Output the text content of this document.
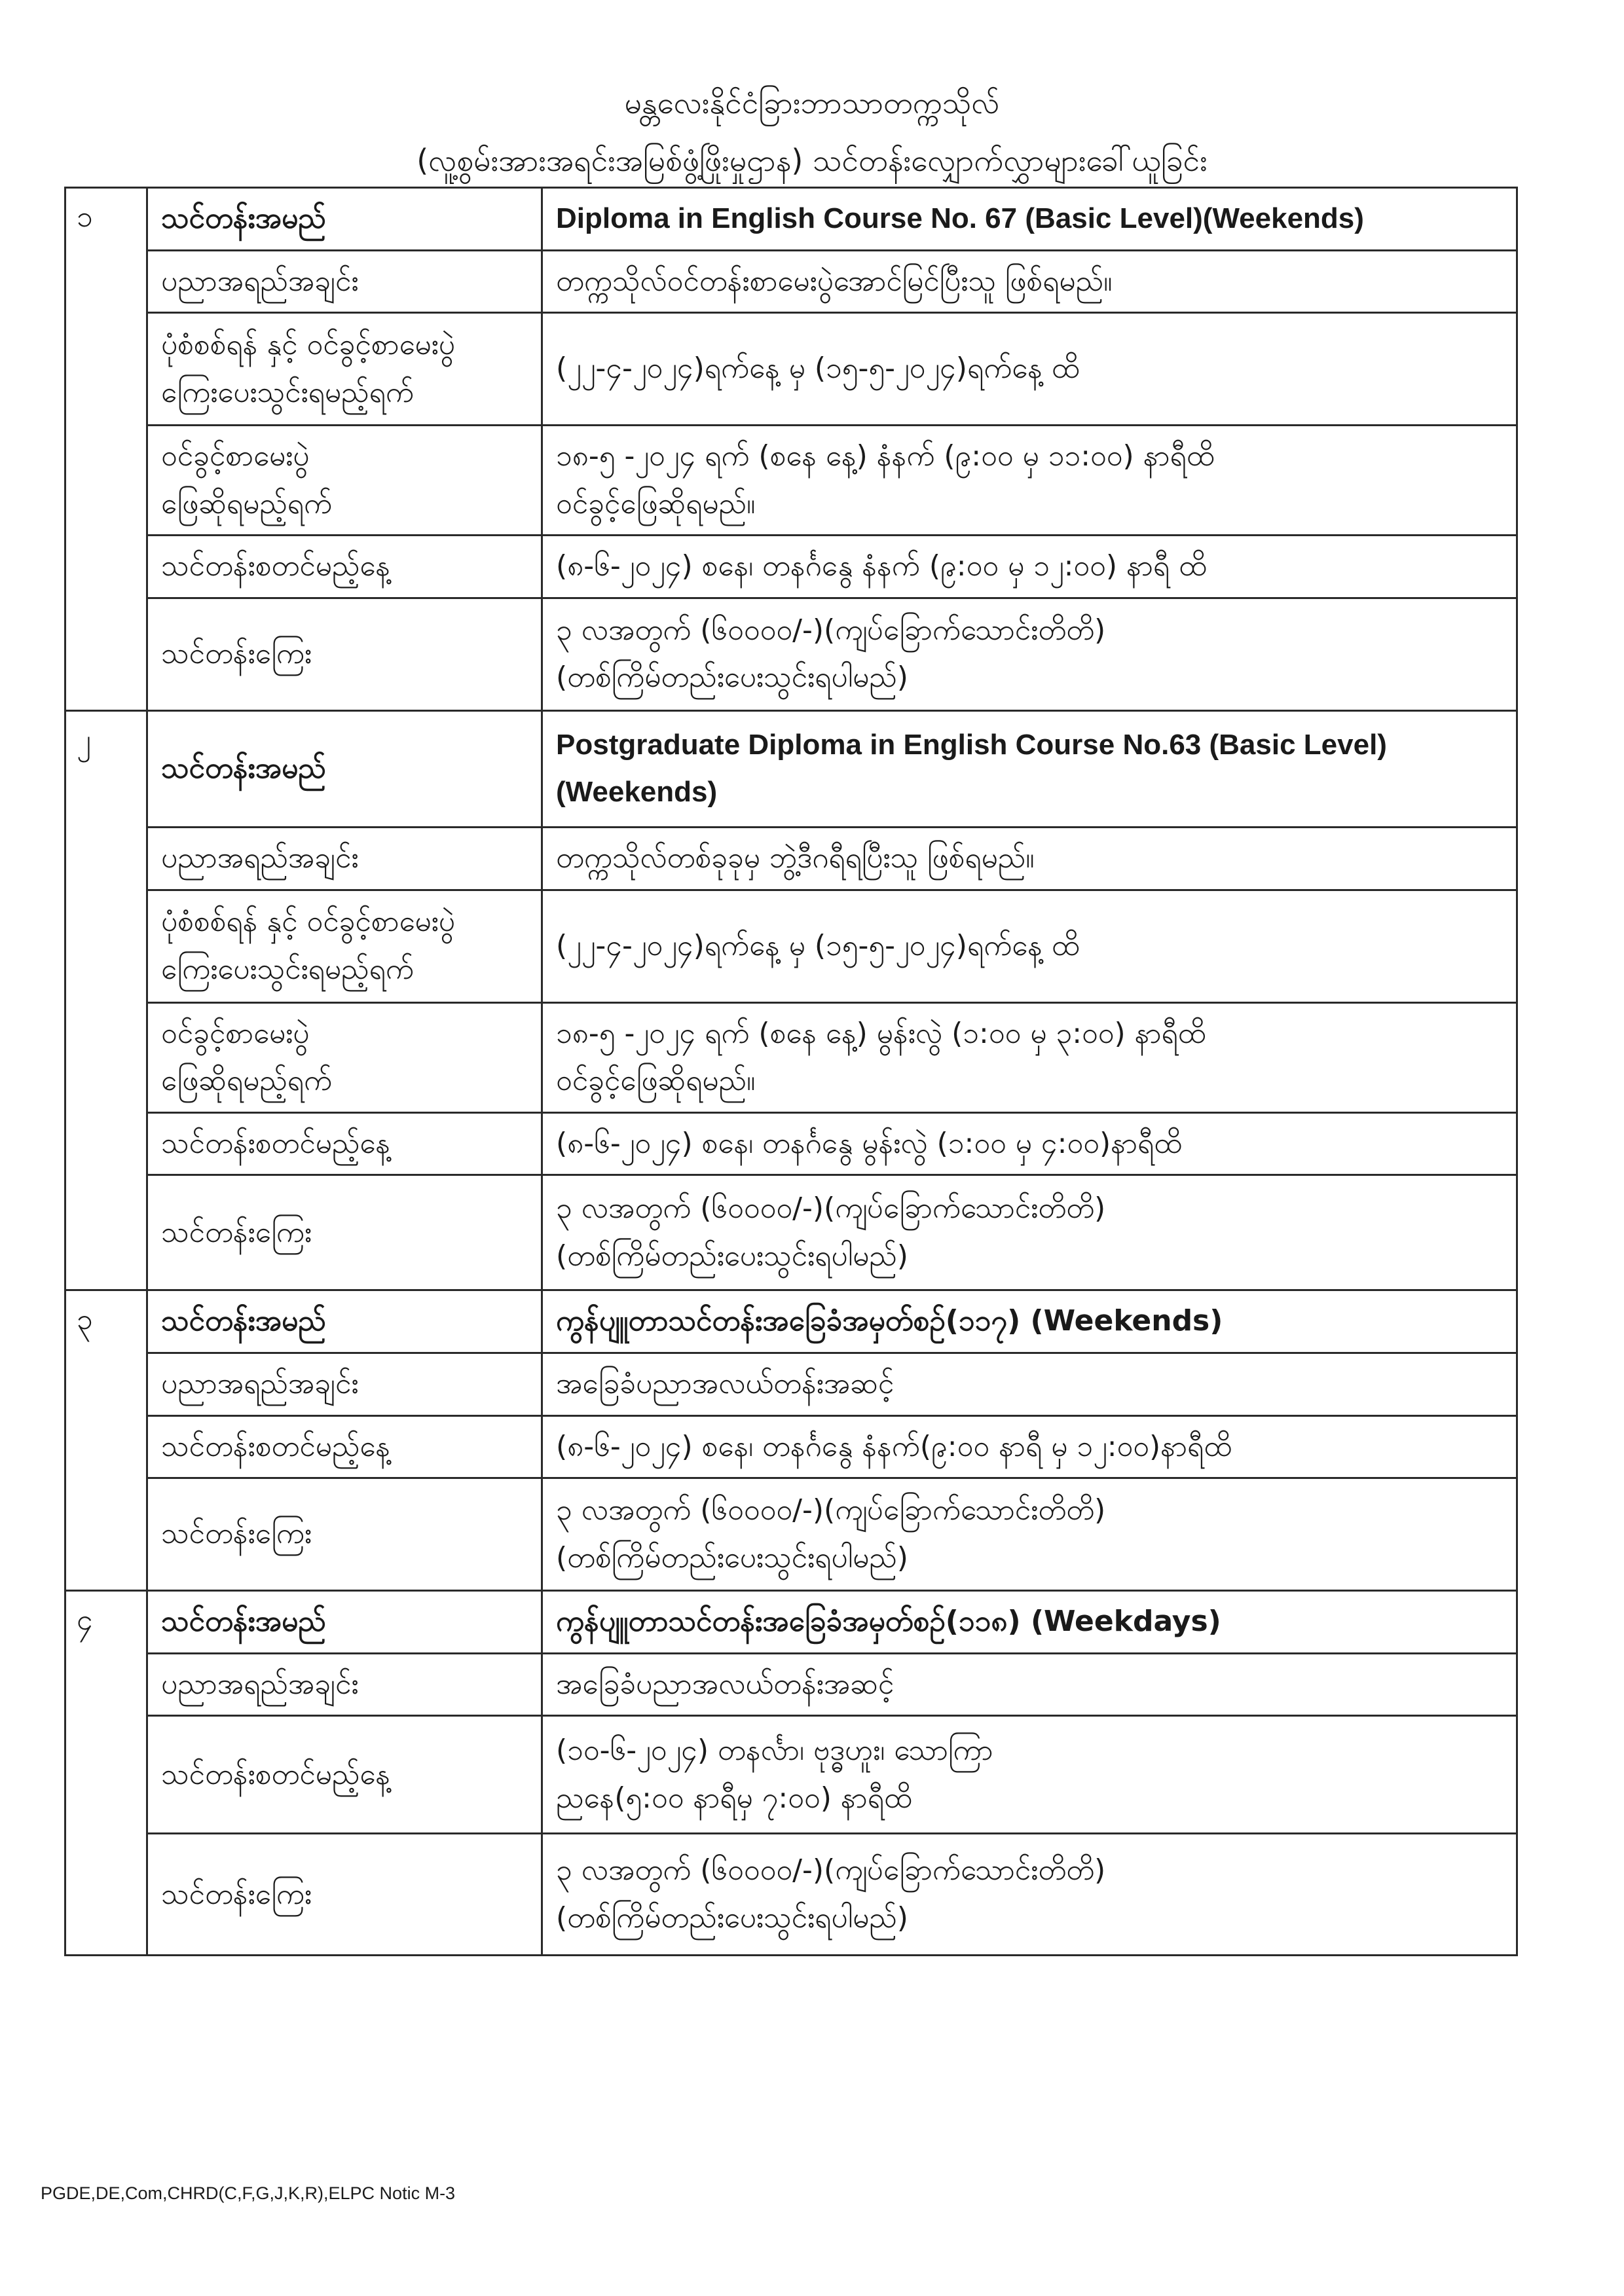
မန္တလေးနိုင်ငံခြားဘာသာတက္ကသိုလ်
(လူ့စွမ်းအားအရင်းအမြစ်ဖွံ့ဖြိုးမှုဌာန) သင်တန်းလျှောက်လွှာများခေါ်ယူခြင်း
၁	သင်တန်းအမည်	Diploma in English Course No. 67 (Basic Level)(Weekends)
	ပညာအရည်အချင်း	တက္ကသိုလ်ဝင်တန်းစာမေးပွဲအောင်မြင်ပြီးသူ ဖြစ်ရမည်။

	ပုံစံစစ်ရန် နှင့် ဝင်ခွင့်စာမေးပွဲ
ကြေးပေးသွင်းရမည့်ရက်	(၂၂-၄-၂၀၂၄)ရက်နေ့ မှ (၁၅-၅-၂၀၂၄)ရက်နေ့ ထိ

	ဝင်ခွင့်စာမေးပွဲ
ဖြေဆိုရမည့်ရက်	၁၈-၅ -၂၀၂၄ ရက် (စနေ နေ့) နံနက် (၉:၀၀ မှ ၁၁:၀၀) နာရီထိ
ဝင်ခွင့်ဖြေဆိုရမည်။

	သင်တန်းစတင်မည့်နေ့	(၈-၆-၂၀၂၄) စနေ၊ တနင်္ဂနွေ နံနက် (၉:၀၀ မှ ၁၂:၀၀) နာရီ ထိ
	သင်တန်းကြေး	၃ လအတွက် (၆၀၀၀၀/-)(ကျပ်ခြောက်သောင်းတိတိ)
(တစ်ကြိမ်တည်းပေးသွင်းရပါမည်)

၂	သင်တန်းအမည်	Postgraduate Diploma in English Course No.63 (Basic Level)
(Weekends)

	ပညာအရည်အချင်း	တက္ကသိုလ်တစ်ခုခုမှ ဘွဲ့ဒီဂရီရပြီးသူ ဖြစ်ရမည်။

	ပုံစံစစ်ရန် နှင့် ဝင်ခွင့်စာမေးပွဲ
ကြေးပေးသွင်းရမည့်ရက်	(၂၂-၄-၂၀၂၄)ရက်နေ့ မှ (၁၅-၅-၂၀၂၄)ရက်နေ့ ထိ

	ဝင်ခွင့်စာမေးပွဲ
ဖြေဆိုရမည့်ရက်	၁၈-၅ -၂၀၂၄ ရက် (စနေ နေ့) မွန်းလွဲ (၁:၀၀ မှ ၃:၀၀) နာရီထိ
ဝင်ခွင့်ဖြေဆိုရမည်။

	သင်တန်းစတင်မည့်နေ့	(၈-၆-၂၀၂၄) စနေ၊ တနင်္ဂနွေ မွန်းလွဲ (၁:၀၀ မှ ၄:၀၀)နာရီထိ
	သင်တန်းကြေး	၃ လအတွက် (၆၀၀၀၀/-)(ကျပ်ခြောက်သောင်းတိတိ)
(တစ်ကြိမ်တည်းပေးသွင်းရပါမည်)

၃	သင်တန်းအမည်	ကွန်ပျူတာသင်တန်းအခြေခံအမှတ်စဉ်(၁၁၇) (Weekends)
	ပညာအရည်အချင်း	အခြေခံပညာအလယ်တန်းအဆင့်
	သင်တန်းစတင်မည့်နေ့	(၈-၆-၂၀၂၄) စနေ၊ တနင်္ဂနွေ နံနက်(၉:၀၀ နာရီ မှ ၁၂:၀၀)နာရီထိ
	သင်တန်းကြေး	၃ လအတွက် (၆၀၀၀၀/-)(ကျပ်ခြောက်သောင်းတိတိ)
(တစ်ကြိမ်တည်းပေးသွင်းရပါမည်)

၄	သင်တန်းအမည်	ကွန်ပျူတာသင်တန်းအခြေခံအမှတ်စဉ်(၁၁၈) (Weekdays)
	ပညာအရည်အချင်း	အခြေခံပညာအလယ်တန်းအဆင့်
	သင်တန်းစတင်မည့်နေ့	(၁၀-၆-၂၀၂၄) တနင်္လာ၊ ဗုဒ္ဓဟူး၊ သောကြာ
ညနေ(၅:၀၀ နာရီမှ ၇:၀၀) နာရီထိ

	သင်တန်းကြေး	၃ လအတွက် (၆၀၀၀၀/-)(ကျပ်ခြောက်သောင်းတိတိ)
(တစ်ကြိမ်တည်းပေးသွင်းရပါမည်)
PGDE,DE,Com,CHRD(C,F,G,J,K,R),ELPC Notic M-3
